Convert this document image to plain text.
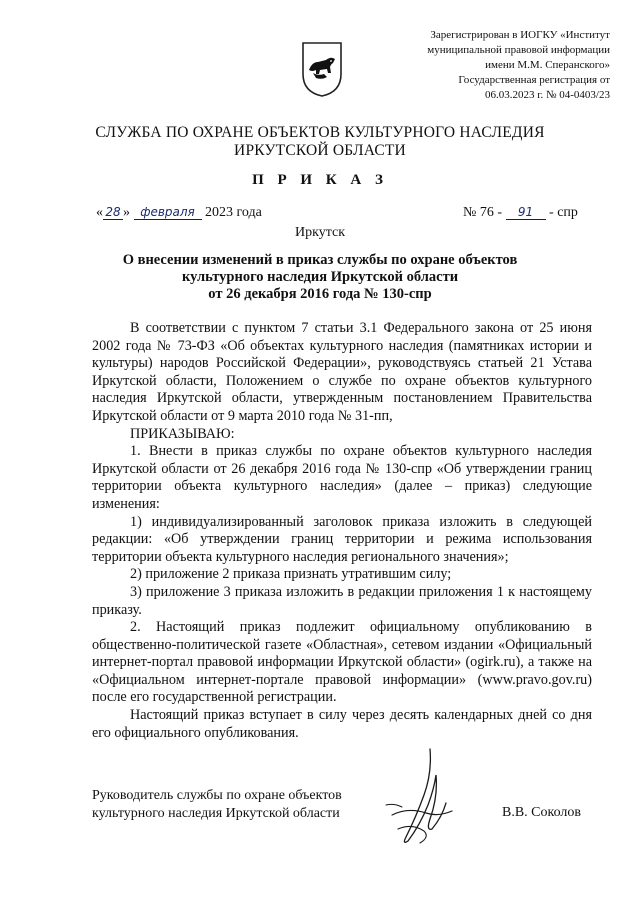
Зарегистрирован в ИОГКУ «Институт
муниципальной правовой информации
имени М.М. Сперанского»
Государственная регистрация от
06.03.2023 г. № 04-0403/23
СЛУЖБА ПО ОХРАНЕ ОБЪЕКТОВ КУЛЬТУРНОГО НАСЛЕДИЯ
ИРКУТСКОЙ ОБЛАСТИ
П Р И К А З
« 28 » февраля 2023 года	№ 76 - 91 - спр
Иркутск
О внесении изменений в приказ службы по охране объектов
культурного наследия Иркутской области
от 26 декабря 2016 года № 130-спр

В соответствии с пунктом 7 статьи 3.1 Федерального закона от 25 июня 2002 года № 73-ФЗ «Об объектах культурного наследия (памятниках истории и культуры) народов Российской Федерации», руководствуясь статьей 21 Устава Иркутской области, Положением о службе по охране объектов культурного наследия Иркутской области, утвержденным постановлением Правительства Иркутской области от 9 марта 2010 года № 31-пп,

ПРИКАЗЫВАЮ:

1. Внести в приказ службы по охране объектов культурного наследия Иркутской области от 26 декабря 2016 года № 130-спр «Об утверждении границ территории объекта культурного наследия» (далее – приказ) следующие изменения:

1) индивидуализированный заголовок приказа изложить в следующей редакции: «Об утверждении границ территории и режима использования территории объекта культурного наследия регионального значения»;

2) приложение 2 приказа признать утратившим силу;

3) приложение 3 приказа изложить в редакции приложения 1 к настоящему приказу.

2. Настоящий приказ подлежит официальному опубликованию в общественно-политической газете «Областная», сетевом издании «Официальный интернет-портал правовой информации Иркутской области» (ogirk.ru), а также на «Официальном интернет-портале правовой информации» (www.pravo.gov.ru) после его государственной регистрации.

Настоящий приказ вступает в силу через десять календарных дней со дня его официального опубликования.

Руководитель службы по охране объектов
культурного наследия Иркутской области	В.В. Соколов
